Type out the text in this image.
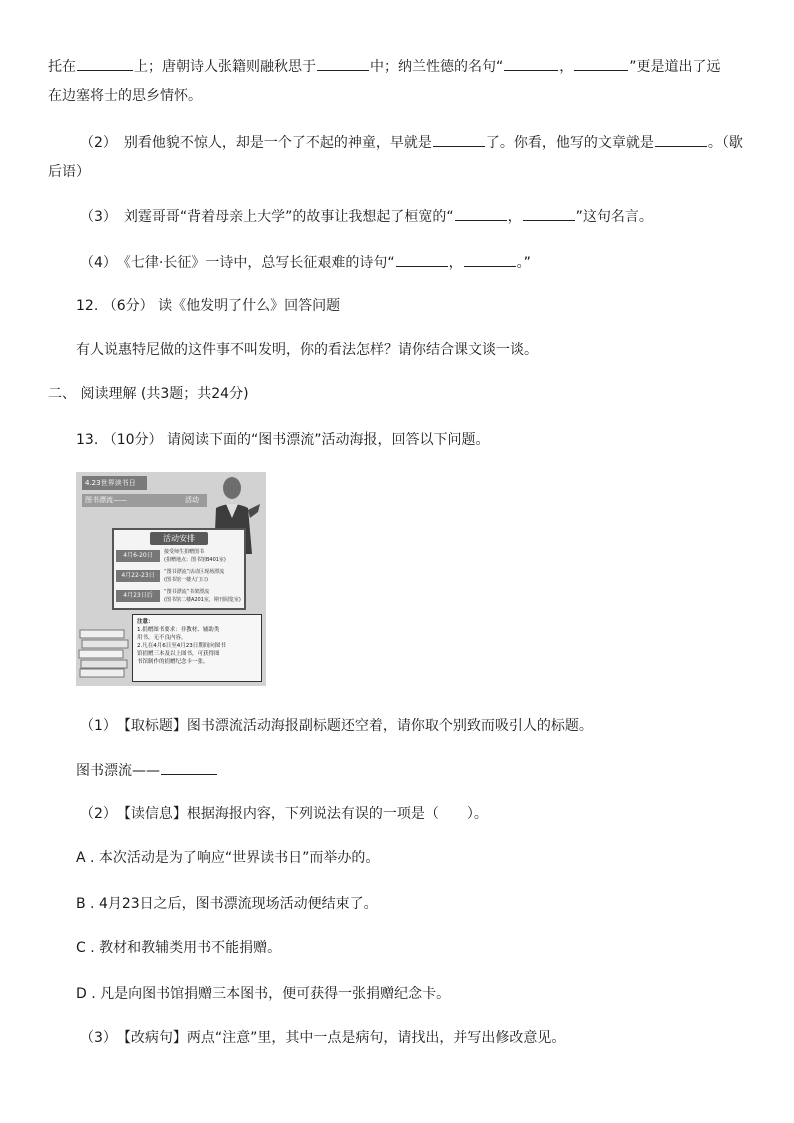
托在	上；唐朝诗人张籍则融秋思于	中；纳兰性德的名句“	，	”更是道出了远
在边塞将士的思乡情怀。
（2）　别看他貌不惊人，却是一个了不起的神童，早就是	了。你看，他写的文章就是	。（歇
后语）
（3）　刘霆哥哥“背着母亲上大学”的故事让我想起了桓宽的“	，	”这句名言。
（4）　《七律·长征》一诗中，总写长征艰难的诗句“	，	。”
12. （6分） 读《他发明了什么》回答问题
有人说惠特尼做的这件事不叫发明，你的看法怎样？请你结合课文谈一谈。
二、 阅读理解 (共3题；共24分)
13. （10分） 请阅读下面的“图书漂流”活动海报，回答以下问题。
4.23世界读书日
图书漂流——	活动
活动安排
4月6-20日	接受师生捐赠图书
(捐赠地点：图书馆B401室)
4月22-23日	“图书漂流”活动区现场漂流
(图书馆一楼大门口)
4月23日后	“图书漂流”书架漂流
(图书馆二楼A201室，期刊阅览室)
注意：
1.捐赠图书要求：非教材、辅助类
用书，无不良内容。
2.凡在4月6日至4月23日期间向图书
馆捐赠三本及以上图书，可获得图
书馆制作的捐赠纪念卡一张。
（1）　【取标题】图书漂流活动海报副标题还空着，请你取个别致而吸引人的标题。
图书漂流——
（2）　【读信息】根据海报内容，下列说法有误的一项是（　　）。
A . 本次活动是为了响应“世界读书日”而举办的。
B . 4月23日之后，图书漂流现场活动便结束了。
C . 教材和教辅类用书不能捐赠。
D . 凡是向图书馆捐赠三本图书，便可获得一张捐赠纪念卡。
（3）　【改病句】两点“注意”里，其中一点是病句，请找出，并写出修改意见。
